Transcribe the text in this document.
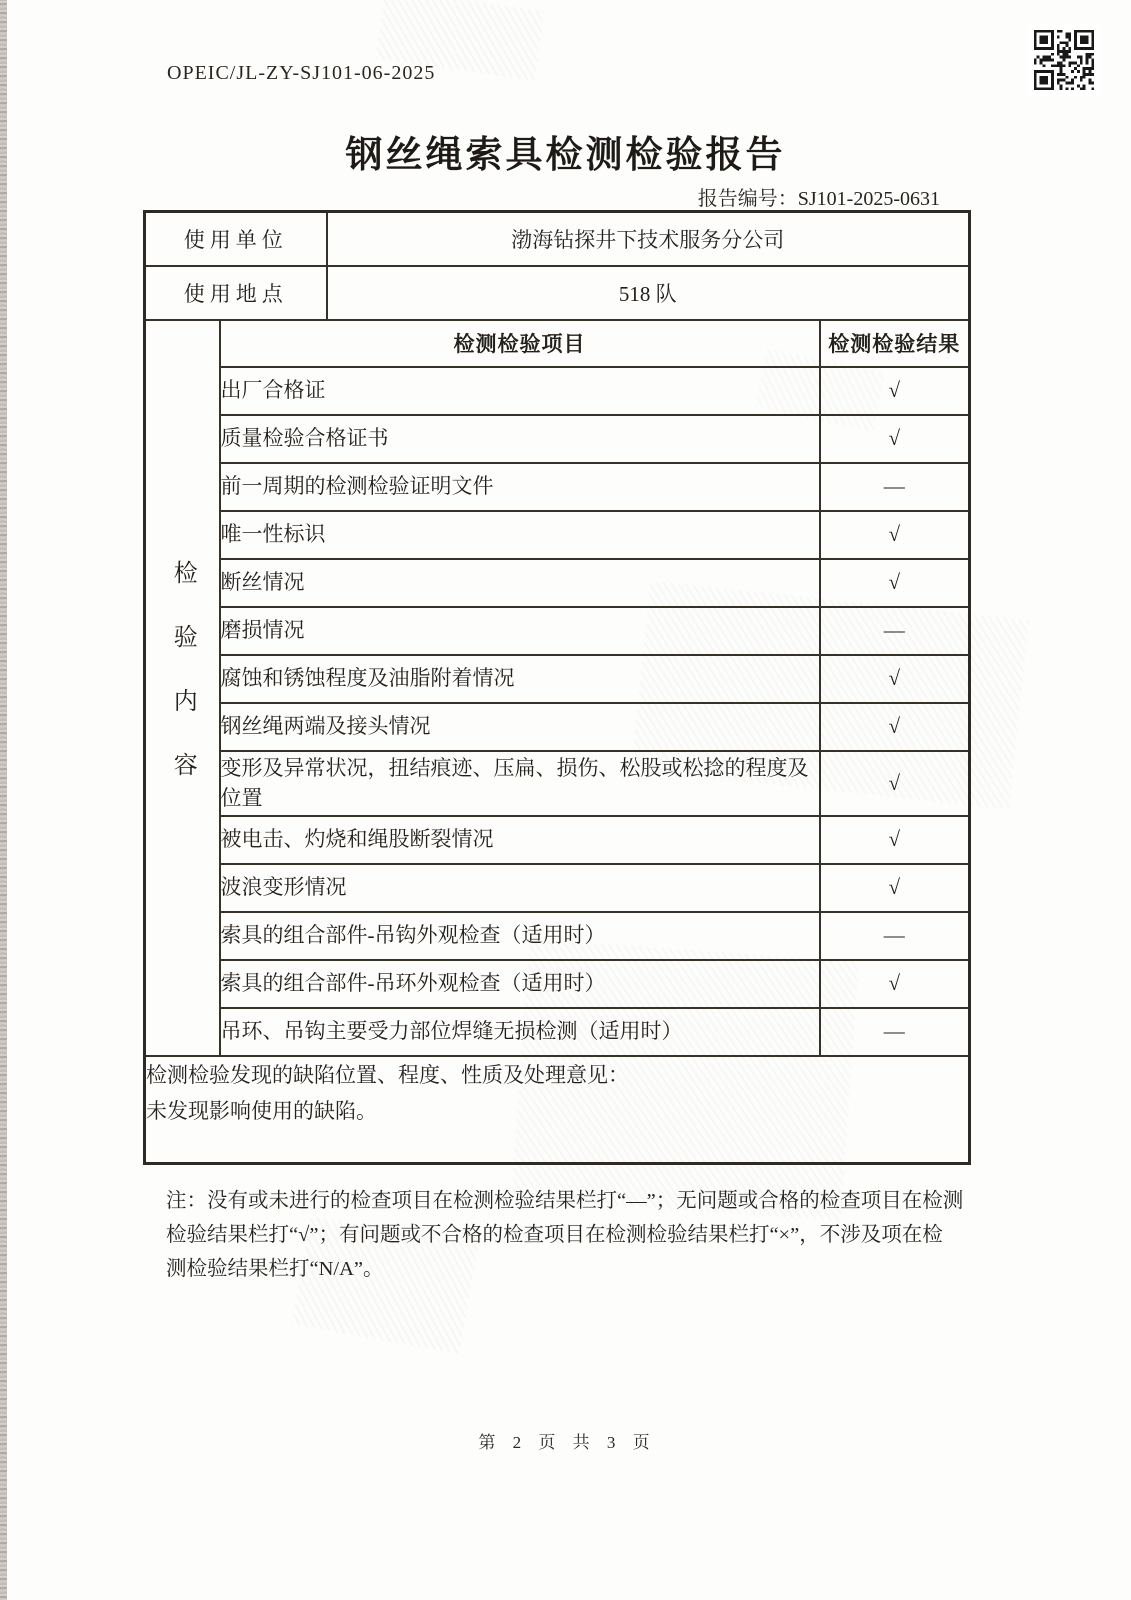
OPEIC/JL-ZY-SJ101-06-2025
钢丝绳索具检测检验报告
报告编号：SJ101-2025-0631
使用单位		渤海钻探井下技术服务分公司	
使用地点		518 队	

检验内容	检测检验项目		检测检验结果
	出厂合格证		√
	质量检验合格证书		√
	前一周期的检测检验证明文件		—
	唯一性标识		√
	断丝情况		√
	磨损情况		—
	腐蚀和锈蚀程度及油脂附着情况		√
	钢丝绳两端及接头情况		√
	变形及异常状况，扭结痕迹、压扁、损伤、松股或松捻的程度及位置		√
	被电击、灼烧和绳股断裂情况		√
	波浪变形情况		√
	索具的组合部件-吊钩外观检查（适用时）		—
	索具的组合部件-吊环外观检查（适用时）		√
	吊环、吊钩主要受力部位焊缝无损检测（适用时）		—

检测检验发现的缺陷位置、程度、性质及处理意见：
未发现影响使用的缺陷。			
注：没有或未进行的检查项目在检测检验结果栏打“—”；无问题或合格的检查项目在检测
检验结果栏打“√”；有问题或不合格的检查项目在检测检验结果栏打“×”，不涉及项在检
测检验结果栏打“N/A”。
第 2 页 共 3 页
